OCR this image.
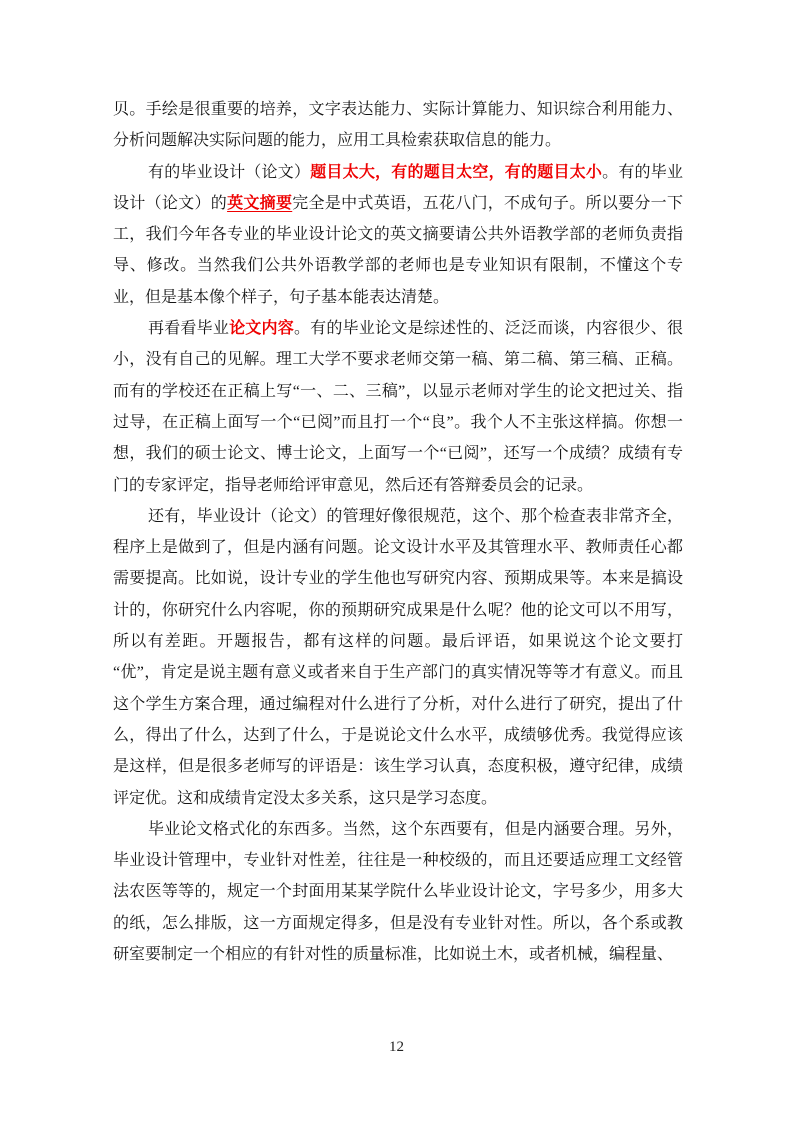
贝。手绘是很重要的培养，文字表达能力、实际计算能力、知识综合利用能力、分析问题解决实际问题的能力，应用工具检索获取信息的能力。

有的毕业设计（论文）题目太大，有的题目太空，有的题目太小。有的毕业设计（论文）的英文摘要完全是中式英语，五花八门，不成句子。所以要分一下工，我们今年各专业的毕业设计论文的英文摘要请公共外语教学部的老师负责指导、修改。当然我们公共外语教学部的老师也是专业知识有限制，不懂这个专业，但是基本像个样子，句子基本能表达清楚。

再看看毕业论文内容。有的毕业论文是综述性的、泛泛而谈，内容很少、很小，没有自己的见解。理工大学不要求老师交第一稿、第二稿、第三稿、正稿。而有的学校还在正稿上写“一、二、三稿”，以显示老师对学生的论文把过关、指过导，在正稿上面写一个“已阅”而且打一个“良”。我个人不主张这样搞。你想一想，我们的硕士论文、博士论文，上面写一个“已阅”，还写一个成绩？成绩有专门的专家评定，指导老师给评审意见，然后还有答辩委员会的记录。

还有，毕业设计（论文）的管理好像很规范，这个、那个检查表非常齐全，程序上是做到了，但是内涵有问题。论文设计水平及其管理水平、教师责任心都需要提高。比如说，设计专业的学生他也写研究内容、预期成果等。本来是搞设计的，你研究什么内容呢，你的预期研究成果是什么呢？他的论文可以不用写，所以有差距。开题报告，都有这样的问题。最后评语，如果说这个论文要打“优”，肯定是说主题有意义或者来自于生产部门的真实情况等等才有意义。而且这个学生方案合理，通过编程对什么进行了分析，对什么进行了研究，提出了什么，得出了什么，达到了什么，于是说论文什么水平，成绩够优秀。我觉得应该是这样，但是很多老师写的评语是：该生学习认真，态度积极，遵守纪律，成绩评定优。这和成绩肯定没太多关系，这只是学习态度。

毕业论文格式化的东西多。当然，这个东西要有，但是内涵要合理。另外，毕业设计管理中，专业针对性差，往往是一种校级的，而且还要适应理工文经管法农医等等的，规定一个封面用某某学院什么毕业设计论文，字号多少，用多大的纸，怎么排版，这一方面规定得多，但是没有专业针对性。所以，各个系或教研室要制定一个相应的有针对性的质量标准，比如说土木，或者机械，编程量、

12
